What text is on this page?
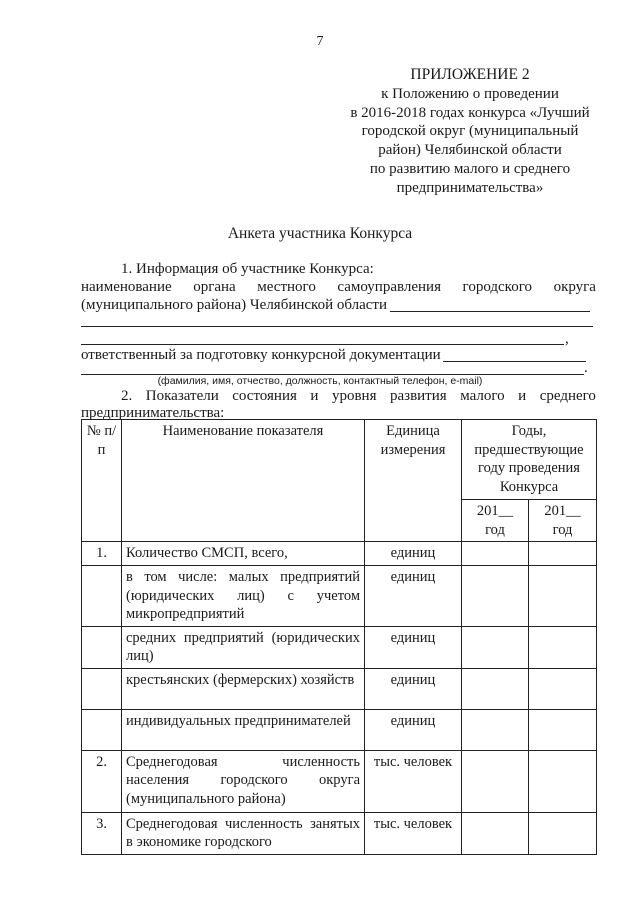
7
ПРИЛОЖЕНИЕ 2
к Положению о проведении
в 2016-2018 годах конкурса «Лучший
городской округ (муниципальный
район) Челябинской области
по развитию малого и среднего
предпринимательства»
Анкета участника Конкурса
1. Информация об участнике Конкурса:
наименование органа местного самоуправления городского округа
(муниципального района) Челябинской области
,
ответственный за подготовку конкурсной документации
.
(фамилия, имя, отчество, должность, контактный телефон, e-mail)
2. Показатели состояния и уровня развития малого и среднего
предпринимательства:
№ п/п	Наименование показателя	Единица измерения	Годы, предшествующие году проведения Конкурса	
			201__ год	201__ год
1.	Количество СМСП, всего,	единиц		
	в том числе: малых предприятий (юридических лиц) с учетом микропредприятий	единиц		
	средних предприятий (юридических лиц)	единиц		
	крестьянских (фермерских) хозяйств	единиц		
	индивидуальных предпринимателей	единиц		
2.	Среднегодовая численность населения городского округа (муниципального района)	тыс. человек		
3.	Среднегодовая численность занятых в экономике городского	тыс. человек		
